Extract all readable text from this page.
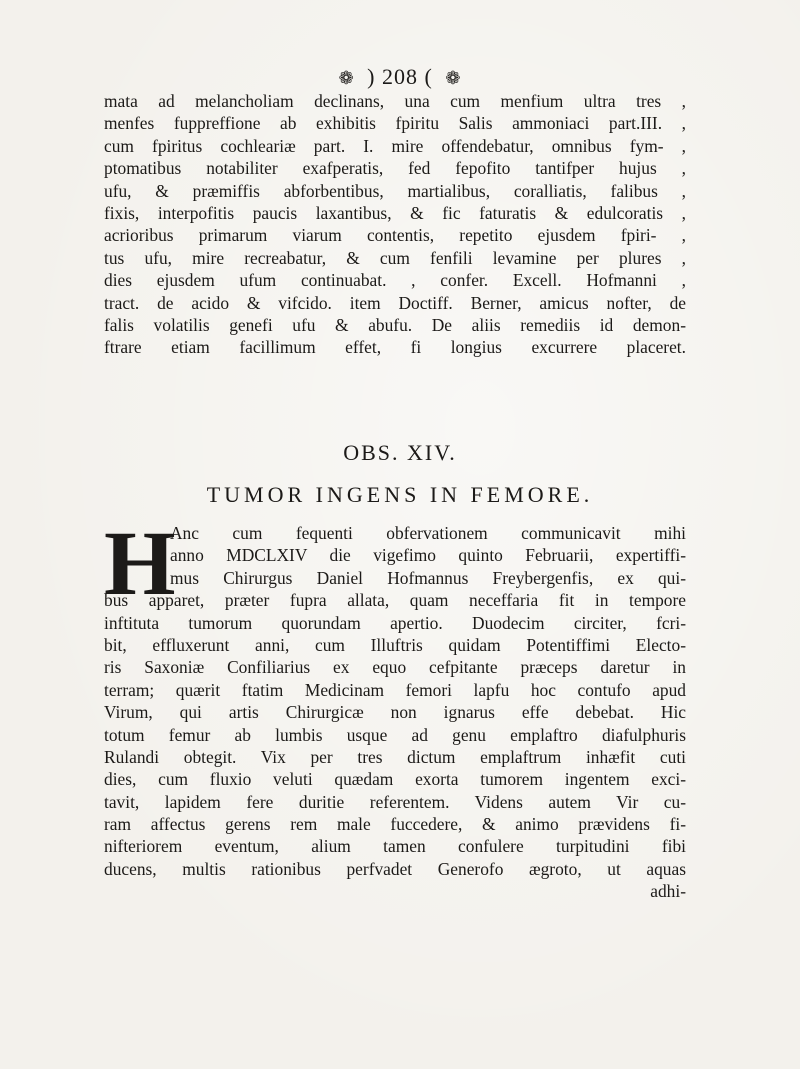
❁ ) 208 ( ❁
mata ad melancholiam declinans, una cum menfium ultra tres ,
menfes fuppreffione ab exhibitis fpiritu Salis ammoniaci part.III. ,
cum fpiritus cochleariæ part. I. mire offendebatur, omnibus fym- ,
ptomatibus notabiliter exafperatis, fed fepofito tantifper hujus ,
ufu, & præmiffis abforbentibus, martialibus, coralliatis, falibus ,
fixis, interpofitis paucis laxantibus, & fic faturatis & edulcoratis ,
acrioribus primarum viarum contentis, repetito ejusdem fpiri- ,
tus ufu, mire recreabatur, & cum fenfili levamine per plures ,
dies ejusdem ufum continuabat. , confer. Excell. Hofmanni ,
tract. de acido & vifcido. item Doctiff. Berner, amicus nofter, de
falis volatilis genefi ufu & abufu. De aliis remediis id demon-
ftrare etiam facillimum effet, fi longius excurrere placeret.
OBS. XIV.
TUMOR INGENS IN FEMORE.
H
Anc cum fequenti obfervationem communicavit mihi
anno MDCLXIV die vigefimo quinto Februarii, expertiffi-
mus Chirurgus Daniel Hofmannus Freybergenfis, ex qui-
bus apparet, præter fupra allata, quam neceffaria fit in tempore
inftituta tumorum quorundam apertio. Duodecim circiter, fcri-
bit, effluxerunt anni, cum Illuftris quidam Potentiffimi Electo-
ris Saxoniæ Confiliarius ex equo cefpitante præceps daretur in
terram; quærit ftatim Medicinam femori lapfu hoc contufo apud
Virum, qui artis Chirurgicæ non ignarus effe debebat. Hic
totum femur ab lumbis usque ad genu emplaftro diafulphuris
Rulandi obtegit. Vix per tres dictum emplaftrum inhæfit cuti
dies, cum fluxio veluti quædam exorta tumorem ingentem exci-
tavit, lapidem fere duritie referentem. Videns autem Vir cu-
ram affectus gerens rem male fuccedere, & animo prævidens fi-
nifteriorem eventum, alium tamen confulere turpitudini fibi
ducens, multis rationibus perfvadet Generofo ægroto, ut aquas
adhi-
